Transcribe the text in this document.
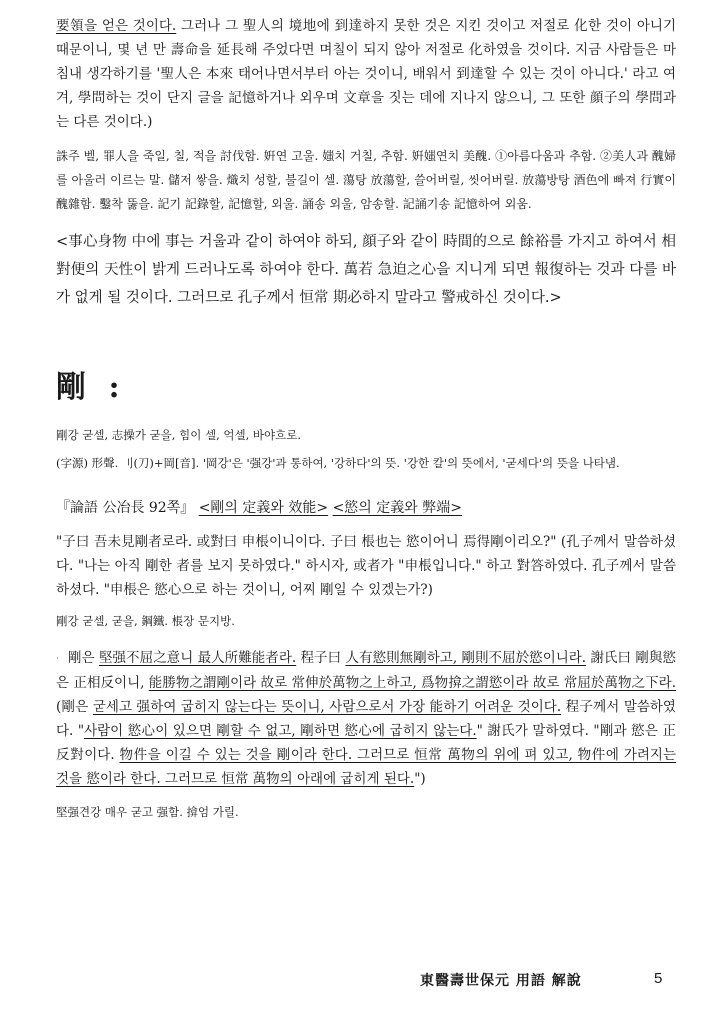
要領을 얻은 것이다. 그러나 그 聖人의 境地에 到達하지 못한 것은 지킨 것이고 저절로 化한 것이 아니기 때문이니, 몇 년 만 壽命을 延長해 주었다면 며칠이 되지 않아 저절로 化하였을 것이다. 지금 사람들은 마침내 생각하기를 '聖人은 本來 태어나면서부터 아는 것이니, 배워서 到達할 수 있는 것이 아니다.' 라고 여겨, 學問하는 것이 단지 글을 記憶하거나 외우며 文章을 짓는 데에 지나지 않으니, 그 또한 顔子의 學問과는 다른 것이다.)

誅주 벨, 罪人을 죽일, 칠, 적을 討伐함. 姸연 고울. 媸치 거칠, 추함. 姸媸연치 美醜. ①아름다움과 추함. ②美人과 醜婦를 아울러 이르는 말. 儲저 쌓을. 熾치 성할, 불길이 셀. 蕩탕 放蕩할, 쓸어버릴, 씻어버릴. 放蕩방탕 酒色에 빠져 行實이 醜雜함. 鑿착 뚫을. 記기 記錄할, 記憶할, 외울. 誦송 외울, 암송할. 記誦기송 記憶하여 외움.

<事心身物 中에 事는 거울과 같이 하여야 하되, 顔子와 같이 時間的으로 餘裕를 가지고 하여서 相對便의 天性이 밝게 드러나도록 하여야 한다. 萬若 急迫之心을 지니게 되면 報復하는 것과 다를 바가 없게 될 것이다. 그러므로 孔子께서 恒常 期必하지 말라고 警戒하신 것이다.>

剛 :

剛강 굳셀, 志操가 굳을, 힘이 셀, 억셀, 바야흐로.

(字源) 形聲. 刂(刀)+岡[音]. '岡강'은 '强강'과 통하여, '강하다'의 뜻. '강한 칼'의 뜻에서, '굳세다'의 뜻을 나타냄.

『論語 公冶長 92쪽』 <剛의 定義와 效能> <慾의 定義와 弊端>

"子曰 吾未見剛者로라. 或對曰 申棖이니이다. 子曰 棖也는 慾이어니 焉得剛이리오?" (孔子께서 말씀하셨다. "나는 아직 剛한 者를 보지 못하였다." 하시자, 或者가 "申棖입니다." 하고 對答하였다. 孔子께서 말씀하셨다. "申棖은 慾心으로 하는 것이니, 어찌 剛일 수 있겠는가?)

剛강 굳셀, 굳을, 鋼鐵. 棖장 문지방.

· 剛은 堅强不屈之意니 最人所難能者라. 程子曰 人有慾則無剛하고, 剛則不屈於慾이니라. 謝氏曰 剛與慾은 正相反이니, 能勝物之謂剛이라 故로 常伸於萬物之上하고, 爲物揜之謂慾이라 故로 常屈於萬物之下라. (剛은 굳세고 强하여 굽히지 않는다는 뜻이니, 사람으로서 가장 能하기 어려운 것이다. 程子께서 말씀하였다. "사람이 慾心이 있으면 剛할 수 없고, 剛하면 慾心에 굽히지 않는다." 謝氏가 말하였다. "剛과 慾은 正反對이다. 物件을 이길 수 있는 것을 剛이라 한다. 그러므로 恒常 萬物의 위에 펴 있고, 物件에 가려지는 것을 慾이라 한다. 그러므로 恒常 萬物의 아래에 굽히게 된다.")

堅强견강 매우 굳고 强함. 揜엄 가릴.

東醫壽世保元 用語 解說	5
